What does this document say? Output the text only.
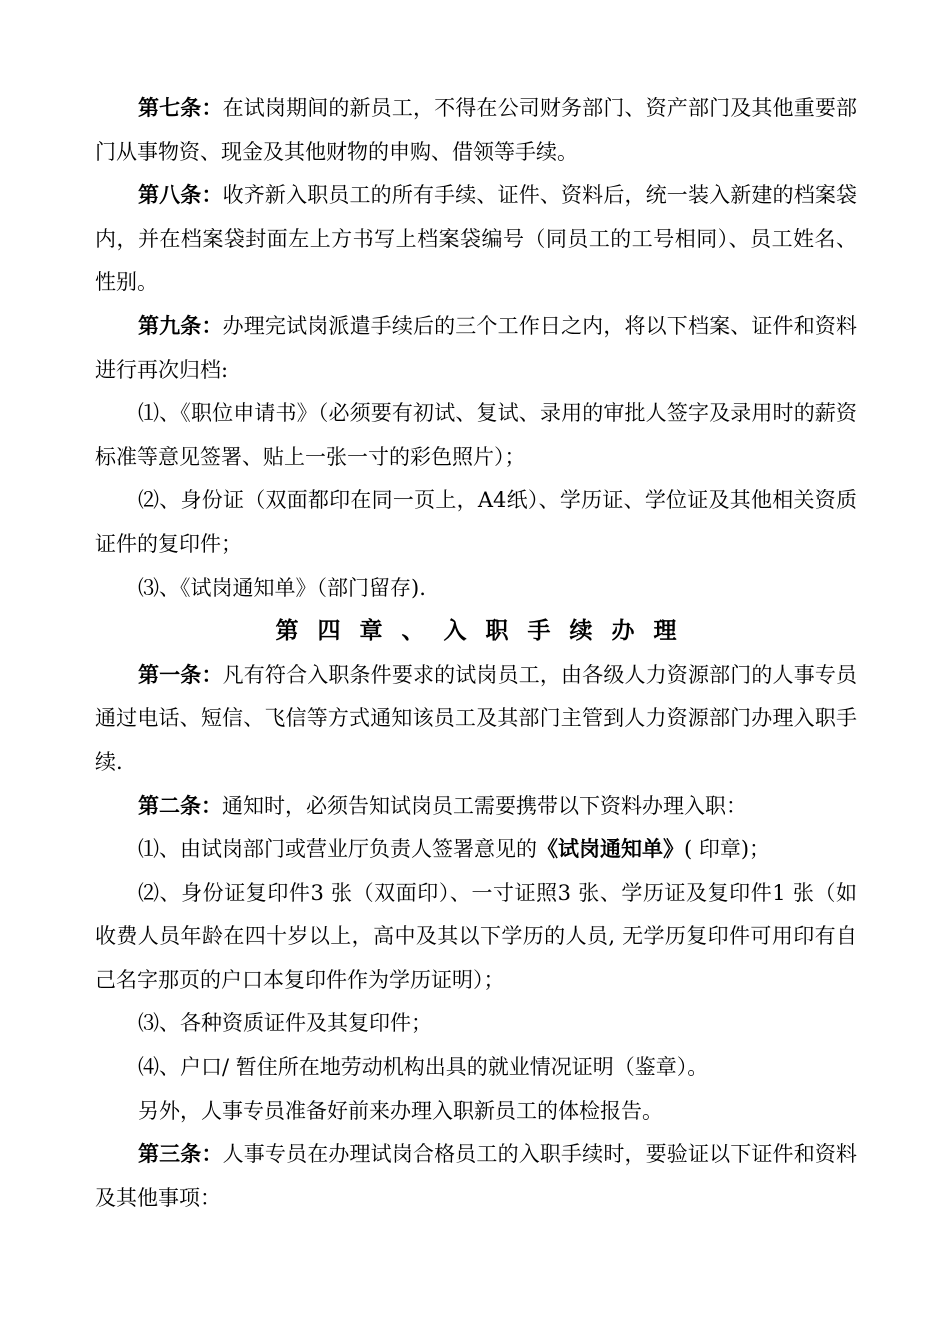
第七条：在试岗期间的新员工，不得在公司财务部门、资产部门及其他重要部门从事物资、现金及其他财物的申购、借领等手续。

第八条：收齐新入职员工的所有手续、证件、资料后，统一装入新建的档案袋内，并在档案袋封面左上方书写上档案袋编号（同员工的工号相同）、员工姓名、性别。

第九条：办理完试岗派遣手续后的三个工作日之内，将以下档案、证件和资料进行再次归档:

⑴、《职位申请书》（必须要有初试、复试、录用的审批人签字及录用时的薪资标准等意见签署、贴上一张一寸的彩色照片）；

⑵、身份证（双面都印在同一页上，A4纸）、学历证、学位证及其他相关资质证件的复印件；

⑶、《试岗通知单》（部门留存).

第四章、入职手续办理

第一条：凡有符合入职条件要求的试岗员工，由各级人力资源部门的人事专员通过电话、短信、飞信等方式通知该员工及其部门主管到人力资源部门办理入职手续.

第二条：通知时，必须告知试岗员工需要携带以下资料办理入职：

⑴、由试岗部门或营业厅负责人签署意见的《试岗通知单》( 印章)；

⑵、身份证复印件3 张（双面印）、一寸证照3 张、学历证及复印件1 张（如收费人员年龄在四十岁以上，高中及其以下学历的人员, 无学历复印件可用印有自己名字那页的户口本复印件作为学历证明）；

⑶、各种资质证件及其复印件；

⑷、户口/ 暂住所在地劳动机构出具的就业情况证明（鉴章）。

另外，人事专员准备好前来办理入职新员工的体检报告。

第三条：人事专员在办理试岗合格员工的入职手续时，要验证以下证件和资料及其他事项：
